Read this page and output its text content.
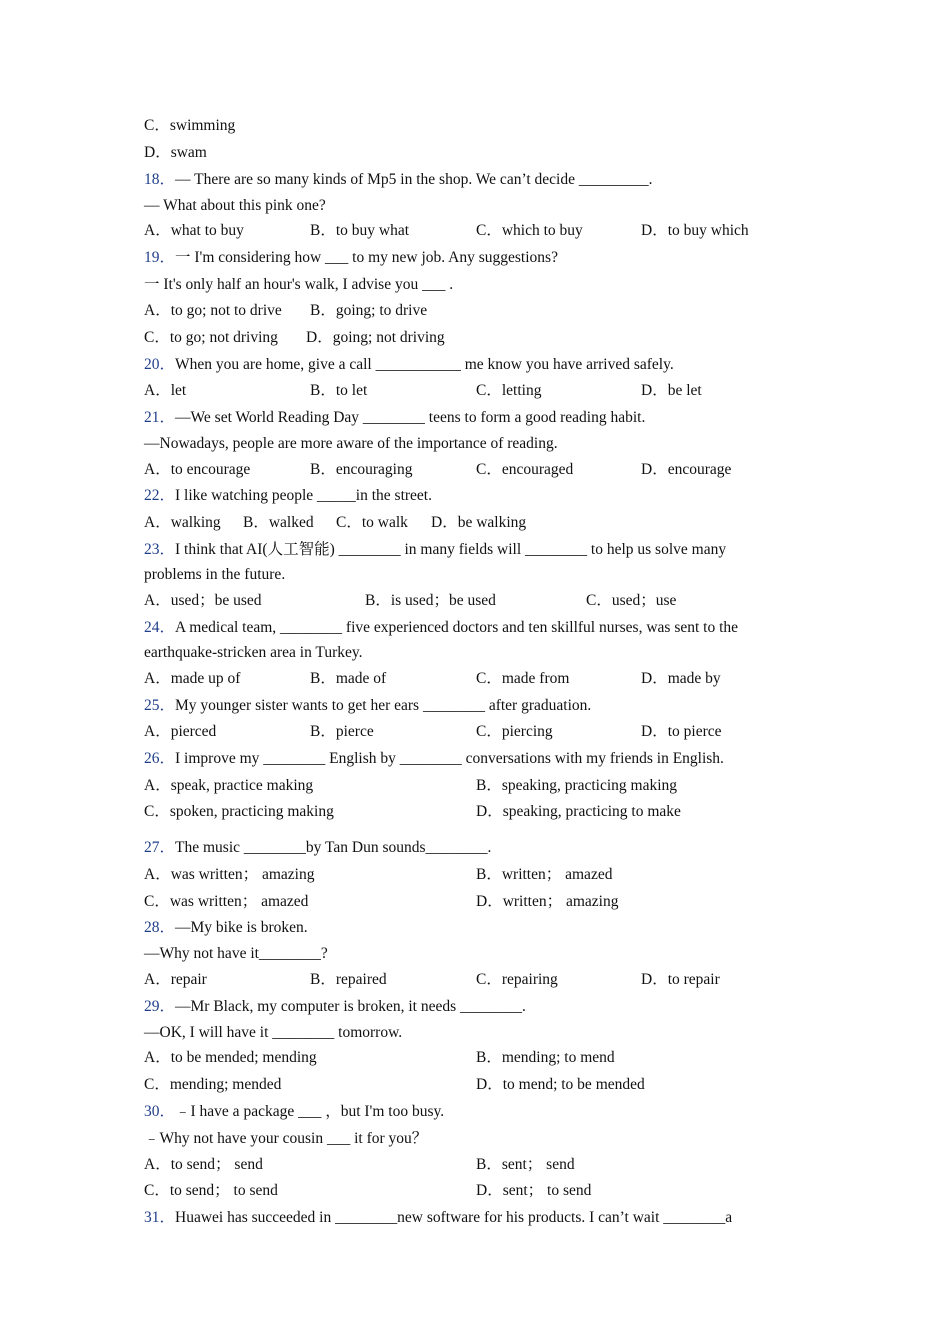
C．swimming
D．swam
18．— There are so many kinds of Mp5 in the shop. We can’t decide _________.
— What about this pink one?
A．what to buy	B．to buy what	C．which to buy	D．to buy which
19．一 I'm considering how ___ to my new job. Any suggestions?
一 It's only half an hour's walk, I advise you ___ .
A．to go; not to drive B．going; to drive
C．to go; not driving D．going; not driving
20．When you are home, give a call ___________ me know you have arrived safely.
A．let	B．to let	C．letting	D．be let
21．—We set World Reading Day ________ teens to form a good reading habit.
—Nowadays, people are more aware of the importance of reading.
A．to encourage	B．encouraging	C．encouraged	D．encourage
22．I like watching people _____in the street.
A．walking B．walked C．to walk D．be walking
23．I think that AI(人工智能) ________ in many fields will ________ to help us solve many
problems in the future.
A．used；be used	B．is used；be used	C．used；use
24．A medical team, ________ five experienced doctors and ten skillful nurses, was sent to the
earthquake-stricken area in Turkey.
A．made up of	B．made of	C．made from	D．made by
25．My younger sister wants to get her ears ________ after graduation.
A．pierced	B．pierce	C．piercing	D．to pierce
26．I improve my ________ English by ________ conversations with my friends in English.
A．speak, practice making	B．speaking, practicing making
C．spoken, practicing making	D．speaking, practicing to make
27．The music ________by Tan Dun sounds________.
A．was written； amazing	B．written； amazed
C．was written； amazed	D．written； amazing
28．—My bike is broken.
—Why not have it________?
A．repair	B．repaired	C．repairing	D．to repair
29．—Mr Black, my computer is broken, it needs ________.
—OK, I will have it ________ tomorrow.
A．to be mended; mending	B．mending; to mend
C．mending; mended	D．to mend; to be mended
30．﹣I have a package ___ ，but I'm too busy.
﹣Why not have your cousin ___ it for you？
A．to send； send	B．sent； send
C．to send； to send	D．sent； to send
31．Huawei has succeeded in ________new software for his products. I can’t wait ________a
